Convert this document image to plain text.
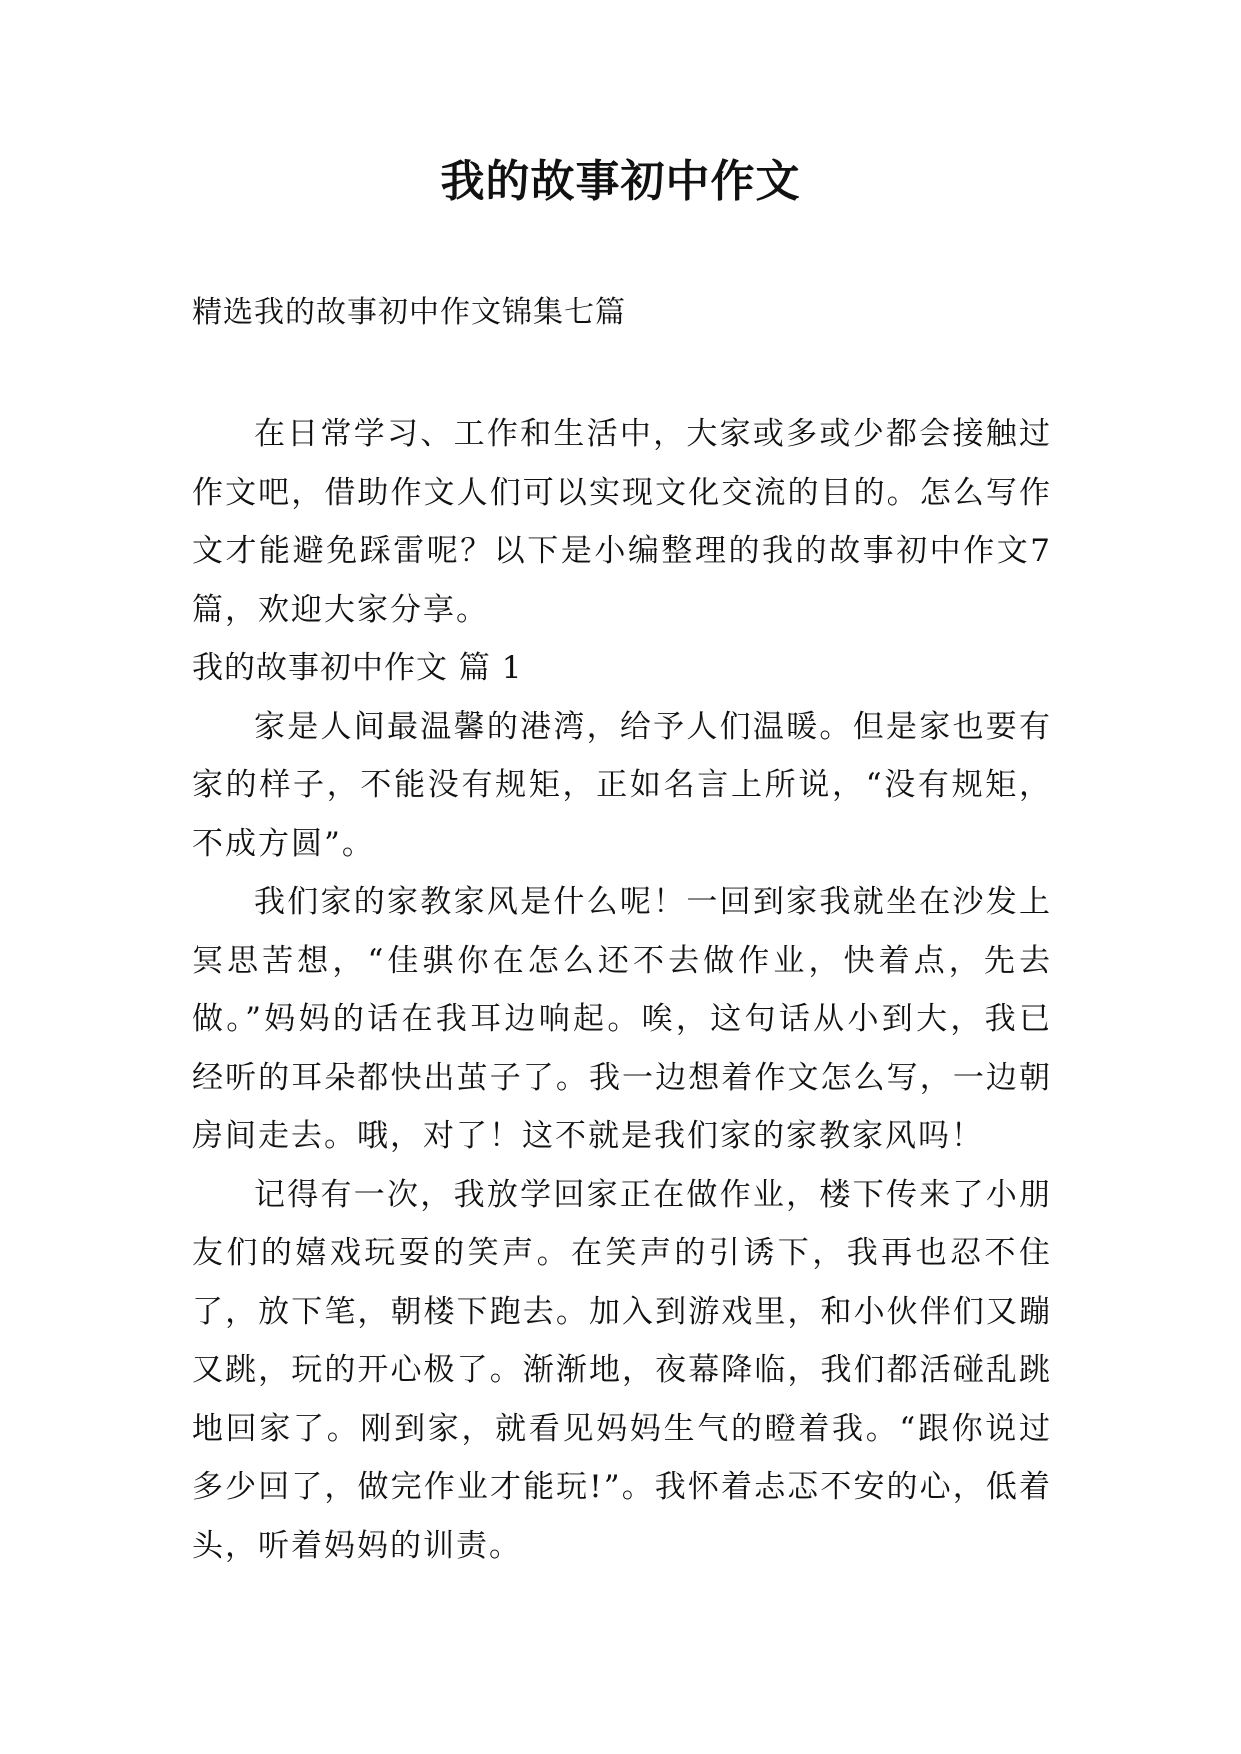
我的故事初中作文

精选我的故事初中作文锦集七篇

在日常学习、工作和生活中，大家或多或少都会接触过作文吧，借助作文人们可以实现文化交流的目的。怎么写作文才能避免踩雷呢？以下是小编整理的我的故事初中作文7篇，欢迎大家分享。

我的故事初中作文 篇 1

家是人间最温馨的港湾，给予人们温暖。但是家也要有家的样子，不能没有规矩，正如名言上所说，“没有规矩，不成方圆”。

我们家的家教家风是什么呢！一回到家我就坐在沙发上冥思苦想，“佳骐你在怎么还不去做作业，快着点，先去做。”妈妈的话在我耳边响起。唉，这句话从小到大，我已经听的耳朵都快出茧子了。我一边想着作文怎么写，一边朝房间走去。哦，对了！这不就是我们家的家教家风吗！

记得有一次，我放学回家正在做作业，楼下传来了小朋友们的嬉戏玩耍的笑声。在笑声的引诱下，我再也忍不住了，放下笔，朝楼下跑去。加入到游戏里，和小伙伴们又蹦又跳，玩的开心极了。渐渐地，夜幕降临，我们都活碰乱跳地回家了。刚到家，就看见妈妈生气的瞪着我。“跟你说过多少回了，做完作业才能玩!”。我怀着忐忑不安的心，低着头，听着妈妈的训责。
